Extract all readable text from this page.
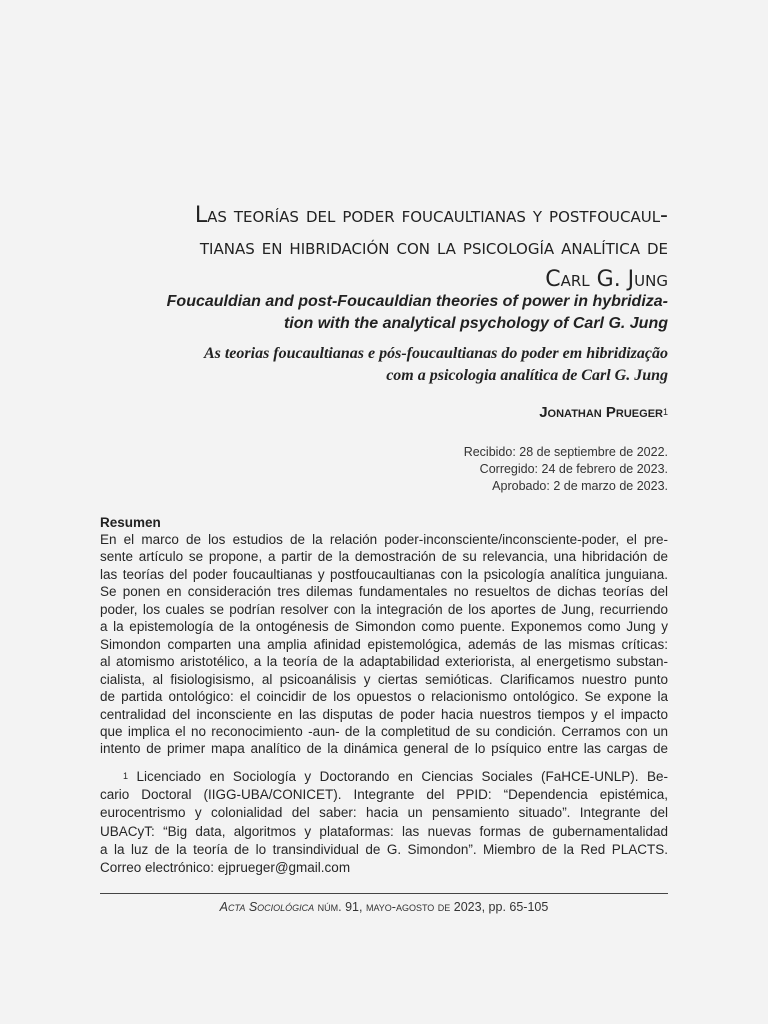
Las teorías del poder foucaultianas y postfoucaul-
tianas en hibridación con la psicología analítica de
Carl G. Jung
Foucauldian and post-Foucauldian theories of power in hybridiza-
tion with the analytical psychology of Carl G. Jung
As teorias foucaultianas e pós-foucaultianas do poder em hibridização
com a psicologia analítica de Carl G. Jung
Jonathan Prueger$^1$
Recibido: 28 de septiembre de 2022.
Corregido: 24 de febrero de 2023.
Aprobado: 2 de marzo de 2023.
Resumen
En el marco de los estudios de la relación poder-inconsciente/inconsciente-poder, el pre-
sente artículo se propone, a partir de la demostración de su relevancia, una hibridación de
las teorías del poder foucaultianas y postfoucaultianas con la psicología analítica junguiana.
Se ponen en consideración tres dilemas fundamentales no resueltos de dichas teorías del
poder, los cuales se podrían resolver con la integración de los aportes de Jung, recurriendo
a la epistemología de la ontogénesis de Simondon como puente. Exponemos como Jung y
Simondon comparten una amplia afinidad epistemológica, además de las mismas críticas:
al atomismo aristotélico, a la teoría de la adaptabilidad exteriorista, al energetismo substan-
cialista, al fisiologisismo, al psicoanálisis y ciertas semióticas. Clarificamos nuestro punto
de partida ontológico: el coincidir de los opuestos o relacionismo ontológico. Se expone la
centralidad del inconsciente en las disputas de poder hacia nuestros tiempos y el impacto
que implica el no reconocimiento -aun- de la completitud de su condición. Cerramos con un
intento de primer mapa analítico de la dinámica general de lo psíquico entre las cargas de
$^1$ Licenciado en Sociología y Doctorando en Ciencias Sociales (FaHCE-UNLP). Be-
cario Doctoral (IIGG-UBA/CONICET). Integrante del PPID: “Dependencia epistémica,
eurocentrismo y colonialidad del saber: hacia un pensamiento situado”. Integrante del
UBACyT: “Big data, algoritmos y plataformas: las nuevas formas de gubernamentalidad
a la luz de la teoría de lo transindividual de G. Simondon”. Miembro de la Red PLACTS.
Correo electrónico: ejprueger@gmail.com
Acta Sociológica núm. 91, mayo-agosto de 2023, pp. 65-105
